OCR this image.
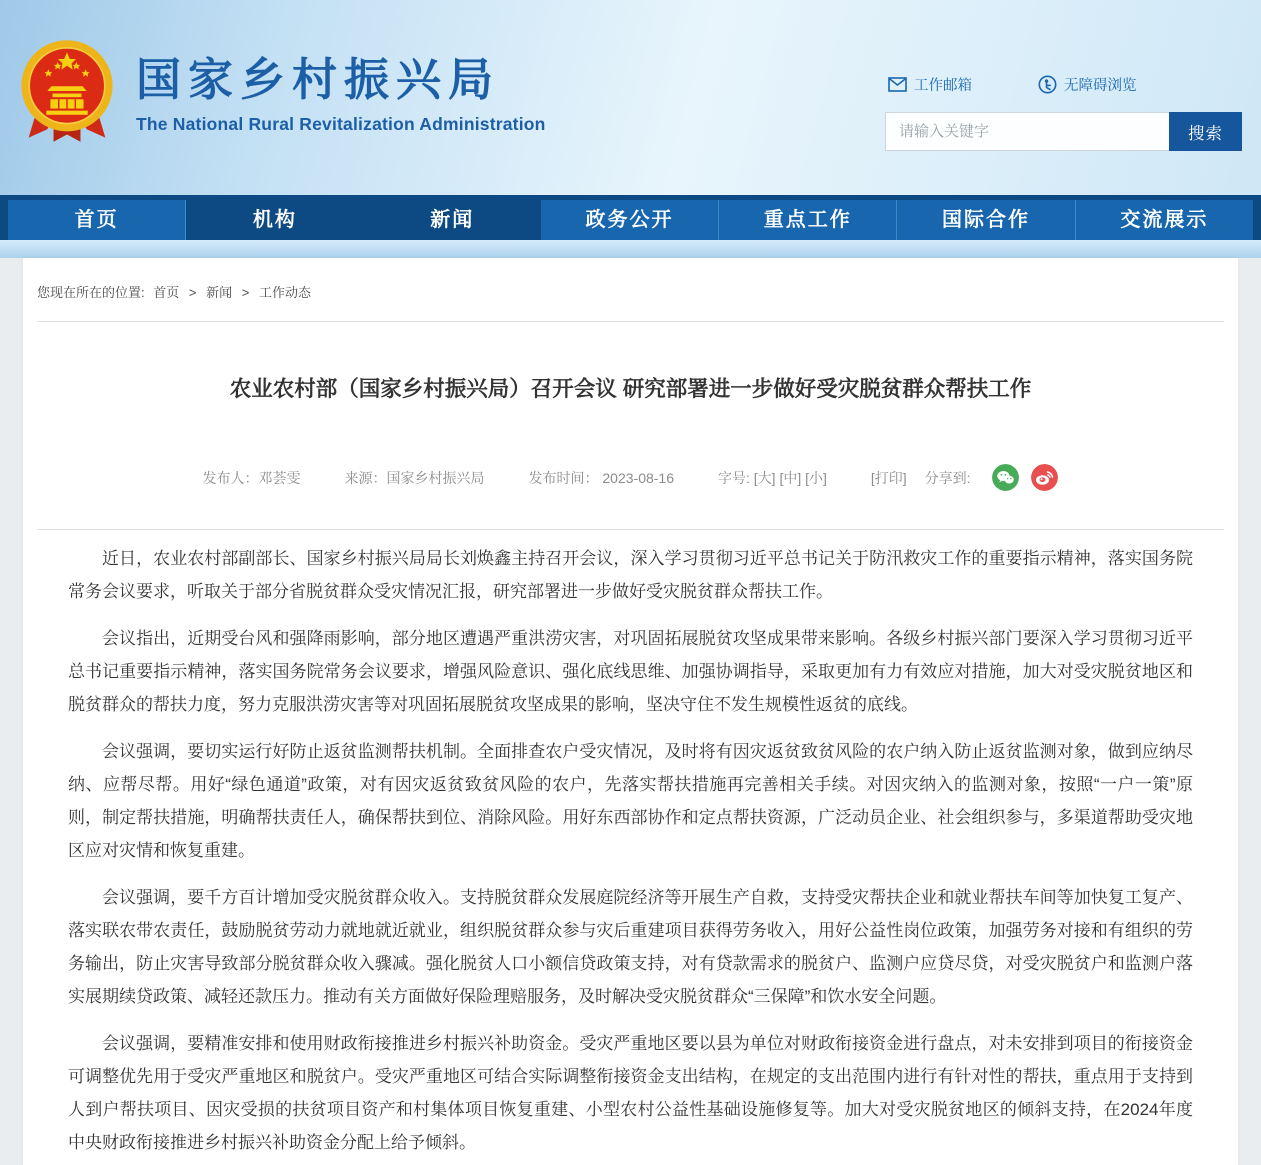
国家乡村振兴局
The National Rural Revitalization Administration
工作邮箱	无障碍浏览
请输入关键字
搜索
首页	机构	新闻	政务公开	重点工作	国际合作	交流展示
您现在所在的位置: 首页 > 新闻 > 工作动态
农业农村部（国家乡村振兴局）召开会议 研究部署进一步做好受灾脱贫群众帮扶工作
发布人：邓荟雯	来源：国家乡村振兴局	发布时间： 2023-08-16	字号: [大] [中] [小]	[打印] 分享到:

近日，农业农村部副部长、国家乡村振兴局局长刘焕鑫主持召开会议，深入学习贯彻习近平总书记关于防汛救灾工作的重要指示精神，落实国务院常务会议要求，听取关于部分省脱贫群众受灾情况汇报，研究部署进一步做好受灾脱贫群众帮扶工作。

会议指出，近期受台风和强降雨影响，部分地区遭遇严重洪涝灾害，对巩固拓展脱贫攻坚成果带来影响。各级乡村振兴部门要深入学习贯彻习近平总书记重要指示精神，落实国务院常务会议要求，增强风险意识、强化底线思维、加强协调指导，采取更加有力有效应对措施，加大对受灾脱贫地区和脱贫群众的帮扶力度，努力克服洪涝灾害等对巩固拓展脱贫攻坚成果的影响，坚决守住不发生规模性返贫的底线。

会议强调，要切实运行好防止返贫监测帮扶机制。全面排查农户受灾情况，及时将有因灾返贫致贫风险的农户纳入防止返贫监测对象，做到应纳尽纳、应帮尽帮。用好“绿色通道”政策，对有因灾返贫致贫风险的农户，先落实帮扶措施再完善相关手续。对因灾纳入的监测对象，按照“一户一策”原则，制定帮扶措施，明确帮扶责任人，确保帮扶到位、消除风险。用好东西部协作和定点帮扶资源，广泛动员企业、社会组织参与，多渠道帮助受灾地区应对灾情和恢复重建。

会议强调，要千方百计增加受灾脱贫群众收入。支持脱贫群众发展庭院经济等开展生产自救，支持受灾帮扶企业和就业帮扶车间等加快复工复产、落实联农带农责任，鼓励脱贫劳动力就地就近就业，组织脱贫群众参与灾后重建项目获得劳务收入，用好公益性岗位政策，加强劳务对接和有组织的劳务输出，防止灾害导致部分脱贫群众收入骤减。强化脱贫人口小额信贷政策支持，对有贷款需求的脱贫户、监测户应贷尽贷，对受灾脱贫户和监测户落实展期续贷政策、减轻还款压力。推动有关方面做好保险理赔服务，及时解决受灾脱贫群众“三保障”和饮水安全问题。

会议强调，要精准安排和使用财政衔接推进乡村振兴补助资金。受灾严重地区要以县为单位对财政衔接资金进行盘点，对未安排到项目的衔接资金可调整优先用于受灾严重地区和脱贫户。受灾严重地区可结合实际调整衔接资金支出结构，在规定的支出范围内进行有针对性的帮扶，重点用于支持到人到户帮扶项目、因灾受损的扶贫项目资产和村集体项目恢复重建、小型农村公益性基础设施修复等。加大对受灾脱贫地区的倾斜支持，在2024年度中央财政衔接推进乡村振兴补助资金分配上给予倾斜。
